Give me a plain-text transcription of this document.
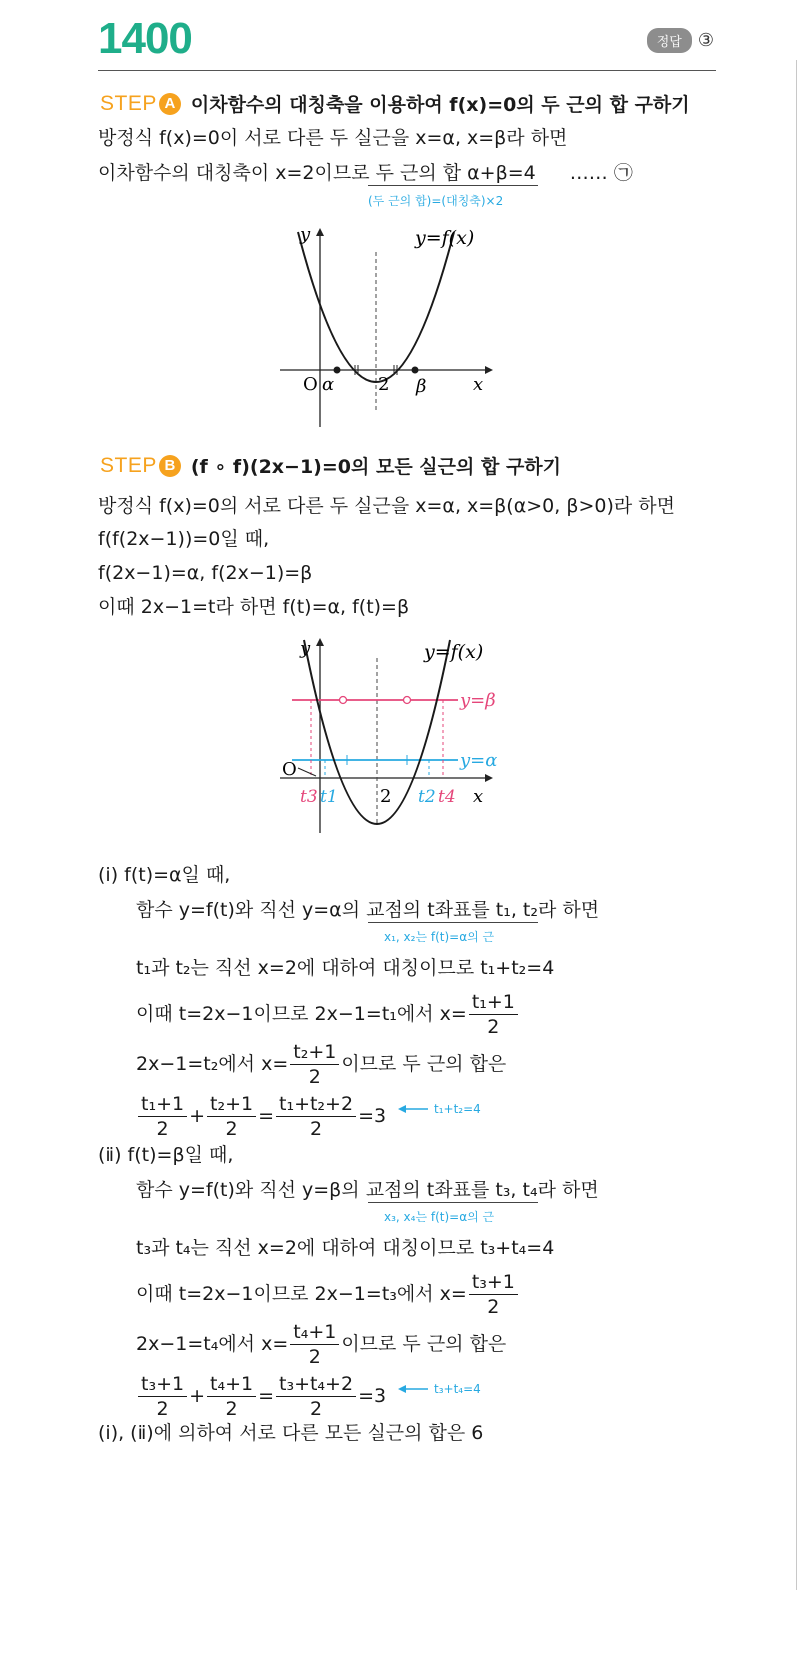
1400	정답 ③
STEP A 이차함수의 대칭축을 이용하여 f(x)=0의 두 근의 합 구하기
방정식 f(x)=0이 서로 다른 두 실근을 x=α, x=β라 하면
이차함수의 대칭축이 x=2이므로 두 근의 합 α+β=4 …… ㉠
(두 근의 합)=(대칭축)×2
y	y=f(x)
O α 2 β	x
STEP B (f ∘ f)(2x−1)=0의 모든 실근의 합 구하기
방정식 f(x)=0의 서로 다른 두 실근을 x=α, x=β(α>0, β>0)라 하면
f(f(2x−1))=0일 때,
f(2x−1)=α, f(2x−1)=β
이때 2x−1=t라 하면 f(t)=α, f(t)=β
y	y=f(x)
y=β
y=α
O
t3 t1 2 t2 t4 x
(ⅰ) f(t)=α일 때,
함수 y=f(t)와 직선 y=α의 교점의 t좌표를 t₁, t₂라 하면
x₁, x₂는 f(t)=α의 근
t₁과 t₂는 직선 x=2에 대하여 대칭이므로 t₁+t₂=4
이때 t=2x−1이므로 2x−1=t₁에서 $x= \frac{\text{t₁+1}}{2}$
2x−1=t₂에서 $x= \frac{\text{t₂+1}}{2}$ 이므로 두 근의 합은
$\frac{\text{t₁+1}}{2} + \frac{\text{t₂+1}}{2} = \frac{\text{t₁+t₂+2}}{2} =3$	t₁+t₂=4
(ⅱ) f(t)=β일 때,
함수 y=f(t)와 직선 y=β의 교점의 t좌표를 t₃, t₄라 하면
x₃, x₄는 f(t)=α의 근
t₃과 t₄는 직선 x=2에 대하여 대칭이므로 t₃+t₄=4
이때 t=2x−1이므로 2x−1=t₃에서 $x= \frac{\text{t₃+1}}{2}$
2x−1=t₄에서 $x= \frac{\text{t₄+1}}{2}$ 이므로 두 근의 합은
$\frac{\text{t₃+1}}{2} + \frac{\text{t₄+1}}{2} = \frac{\text{t₃+t₄+2}}{2} =3$	t₃+t₄=4
(ⅰ), (ⅱ)에 의하여 서로 다른 모든 실근의 합은 6
